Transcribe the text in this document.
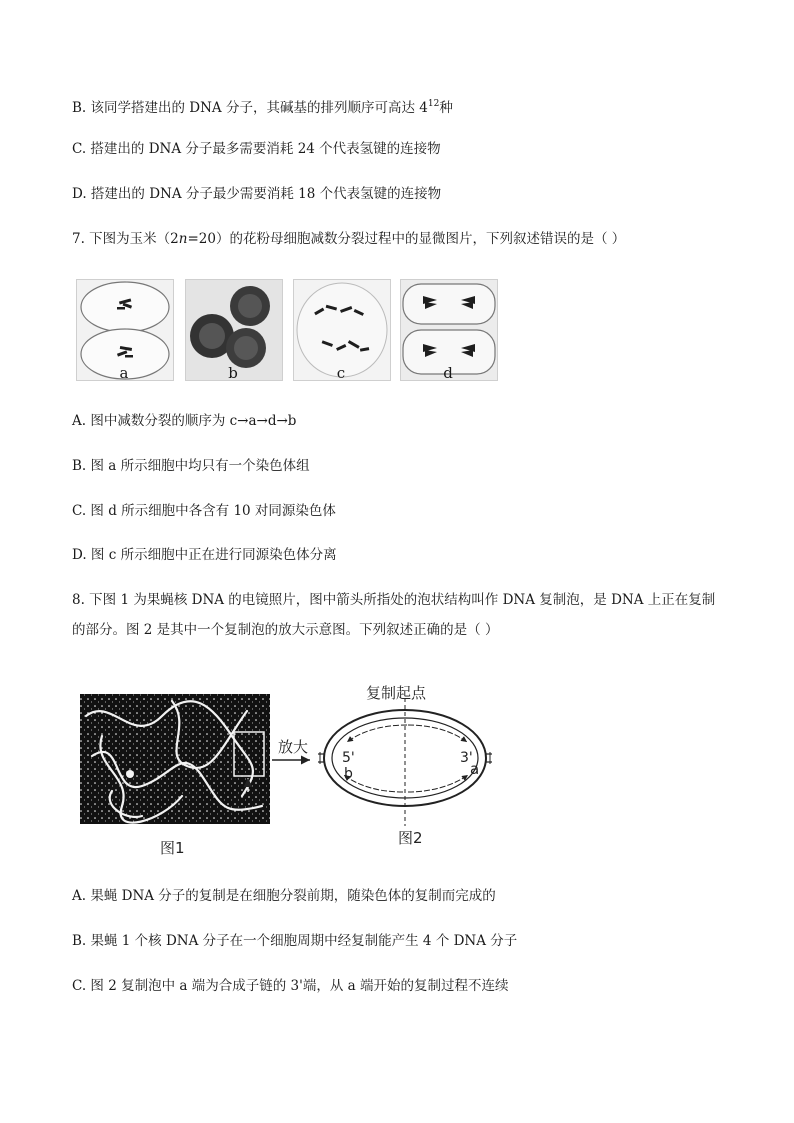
B. 该同学搭建出的 DNA 分子，其碱基的排列顺序可高达 $4^{12}$种
C. 搭建出的 DNA 分子最多需要消耗 24 个代表氢键的连接物
D. 搭建出的 DNA 分子最少需要消耗 18 个代表氢键的连接物
7. 下图为玉米（2n=20）的花粉母细胞减数分裂过程中的显微图片，下列叙述错误的是（ ）
a	b	c	d
A. 图中减数分裂的顺序为 c→a→d→b
B. 图 a 所示细胞中均只有一个染色体组
C. 图 d 所示细胞中各含有 10 对同源染色体
D. 图 c 所示细胞中正在进行同源染色体分离
8. 下图 1 为果蝇核 DNA 的电镜照片，图中箭头所指处的泡状结构叫作 DNA 复制泡，是 DNA 上正在复制
的部分。图 2 是其中一个复制泡的放大示意图。下列叙述正确的是（ ）
放大
复制起点
5'
b
3'
a
图2
图1
A. 果蝇 DNA 分子的复制是在细胞分裂前期，随染色体的复制而完成的
B. 果蝇 1 个核 DNA 分子在一个细胞周期中经复制能产生 4 个 DNA 分子
C. 图 2 复制泡中 a 端为合成子链的 3'端，从 a 端开始的复制过程不连续
